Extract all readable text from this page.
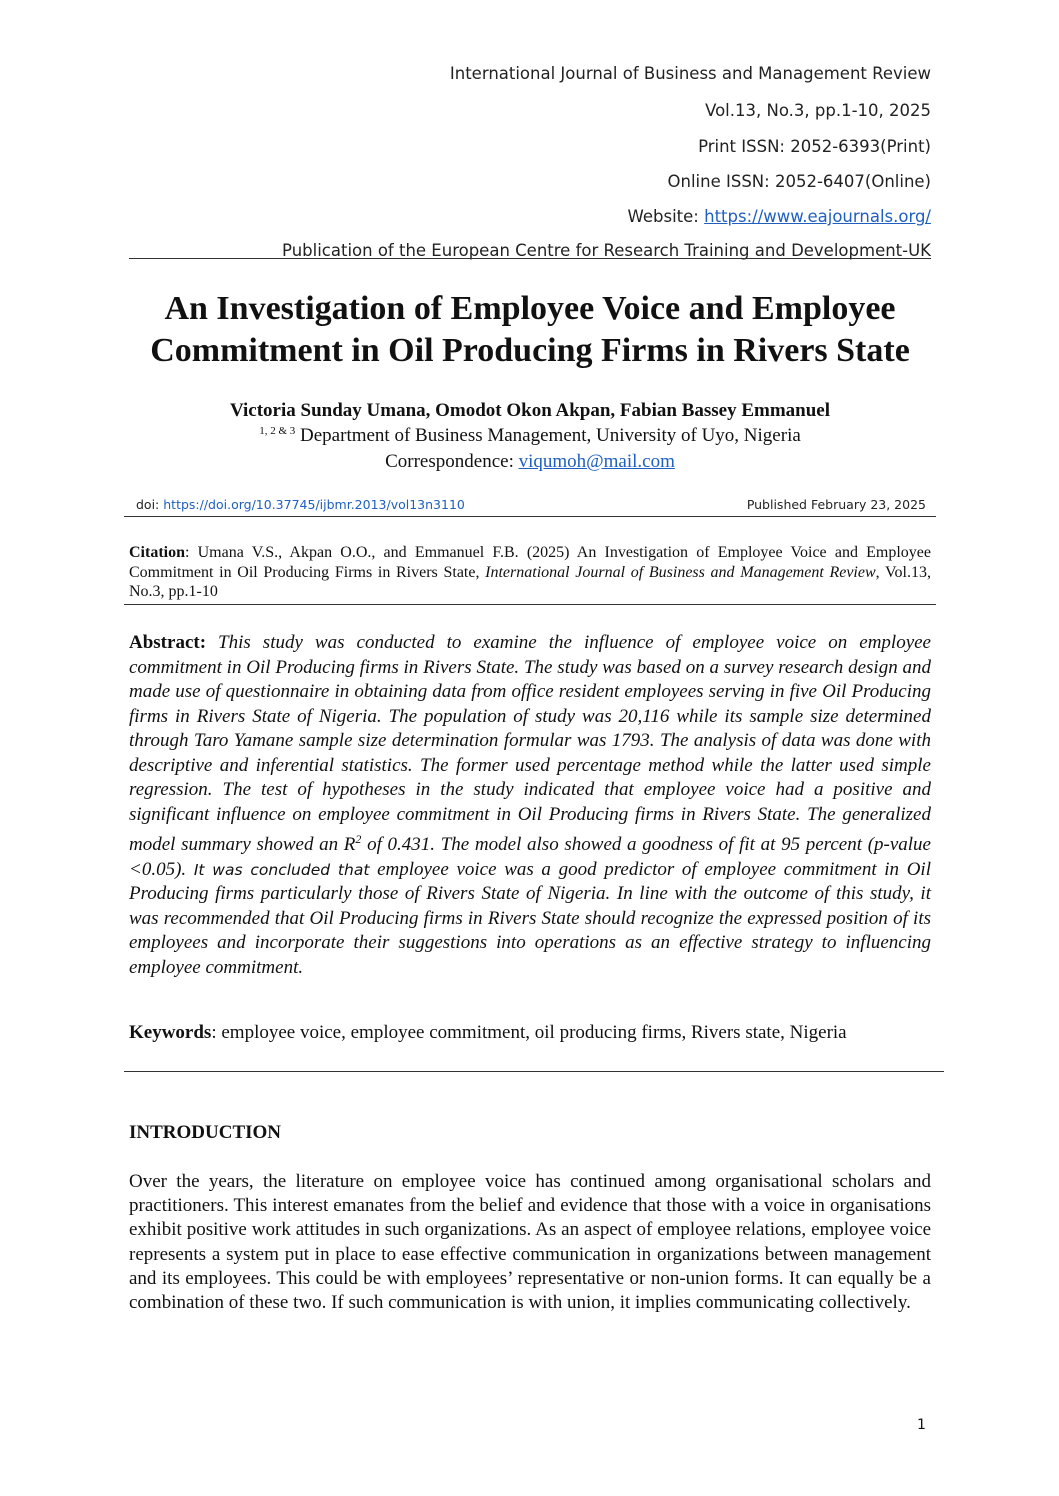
International Journal of Business and Management Review
Vol.13, No.3, pp.1-10, 2025
Print ISSN: 2052-6393(Print)
Online ISSN: 2052-6407(Online)
Website: https://www.eajournals.org/
Publication of the European Centre for Research Training and Development-UK
An Investigation of Employee Voice and Employee
Commitment in Oil Producing Firms in Rivers State
Victoria Sunday Umana, Omodot Okon Akpan, Fabian Bassey Emmanuel
$^{1, 2 \& 3}$ Department of Business Management, University of Uyo, Nigeria
Correspondence: viqumoh@mail.com
doi: https://doi.org/10.37745/ijbmr.2013/vol13n3110	Published February 23, 2025

Citation: Umana V.S., Akpan O.O., and Emmanuel F.B. (2025) An Investigation of Employee Voice and Employee Commitment in Oil Producing Firms in Rivers State, International Journal of Business and Management Review, Vol.13, No.3, pp.1-10

Abstract: This study was conducted to examine the influence of employee voice on employee commitment in Oil Producing firms in Rivers State. The study was based on a survey research design and made use of questionnaire in obtaining data from office resident employees serving in five Oil Producing firms in Rivers State of Nigeria. The population of study was 20,116 while its sample size determined through Taro Yamane sample size determination formular was 1793. The analysis of data was done with descriptive and inferential statistics. The former used percentage method while the latter used simple regression. The test of hypotheses in the study indicated that employee voice had a positive and significant influence on employee commitment in Oil Producing firms in Rivers State. The generalized model summary showed an $R^2$ of 0.431. The model also showed a goodness of fit at 95 percent (p-value <0.05). It was concluded that employee voice was a good predictor of employee commitment in Oil Producing firms particularly those of Rivers State of Nigeria. In line with the outcome of this study, it was recommended that Oil Producing firms in Rivers State should recognize the expressed position of its employees and incorporate their suggestions into operations as an effective strategy to influencing employee commitment.

Keywords: employee voice, employee commitment, oil producing firms, Rivers state, Nigeria

INTRODUCTION

Over the years, the literature on employee voice has continued among organisational scholars and practitioners. This interest emanates from the belief and evidence that those with a voice in organisations exhibit positive work attitudes in such organizations. As an aspect of employee relations, employee voice represents a system put in place to ease effective communication in organizations between management and its employees. This could be with employees’ representative or non-union forms. It can equally be a combination of these two. If such communication is with union, it implies communicating collectively.

1
